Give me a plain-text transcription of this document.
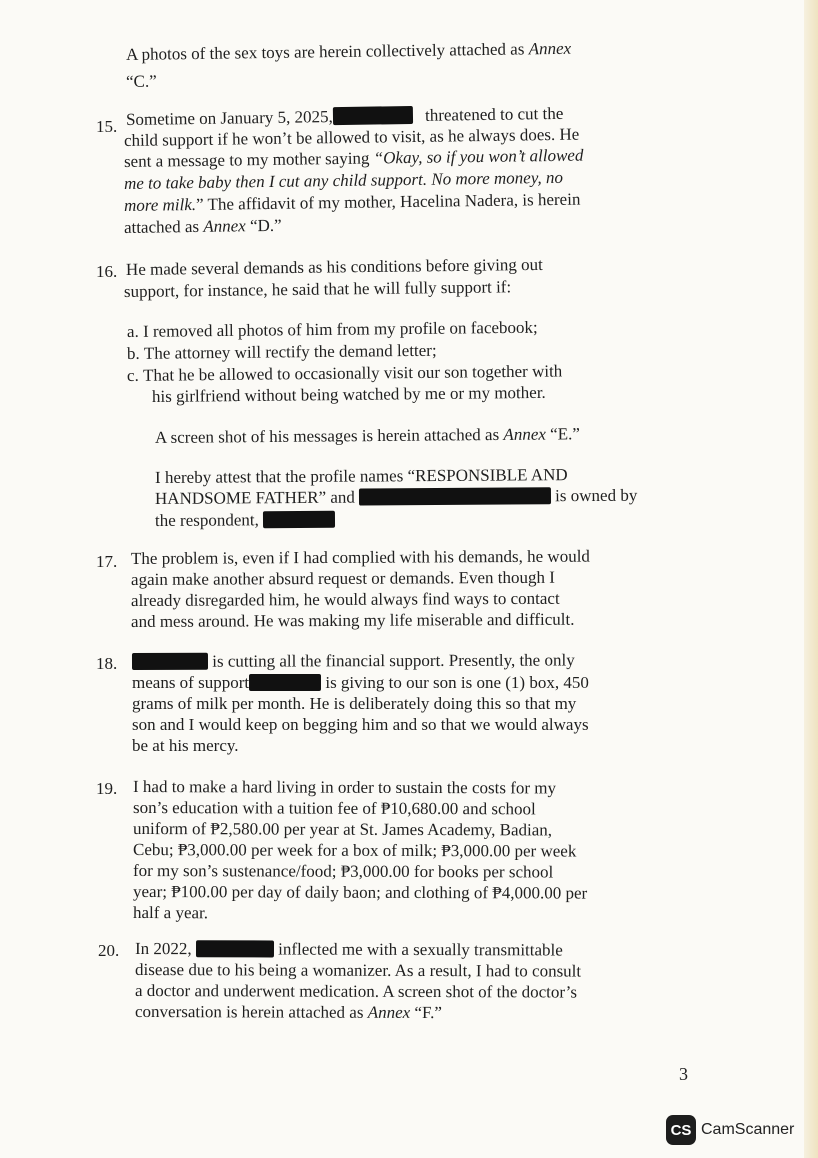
A photos of the sex toys are herein collectively attached as Annex
“C.”
15. Sometime on January 5, 2025,	threatened to cut the
child support if he won’t be allowed to visit, as he always does. He
sent a message to my mother saying “Okay, so if you won’t allowed
me to take baby then I cut any child support. No more money, no
more milk.” The affidavit of my mother, Hacelina Nadera, is herein
attached as Annex “D.”
16. He made several demands as his conditions before giving out
support, for instance, he said that he will fully support if:
a. I removed all photos of him from my profile on facebook;
b. The attorney will rectify the demand letter;
c. That he be allowed to occasionally visit our son together with
his girlfriend without being watched by me or my mother.
A screen shot of his messages is herein attached as Annex “E.”
I hereby attest that the profile names “RESPONSIBLE AND
HANDSOME FATHER” and	is owned by
the respondent,
17. The problem is, even if I had complied with his demands, he would
again make another absurd request or demands. Even though I
already disregarded him, he would always find ways to contact
and mess around. He was making my life miserable and difficult.
18.	is cutting all the financial support. Presently, the only
means of support	is giving to our son is one (1) box, 450
grams of milk per month. He is deliberately doing this so that my
son and I would keep on begging him and so that we would always
be at his mercy.
19. I had to make a hard living in order to sustain the costs for my
son’s education with a tuition fee of ₱10,680.00 and school
uniform of ₱2,580.00 per year at St. James Academy, Badian,
Cebu; ₱3,000.00 per week for a box of milk; ₱3,000.00 per week
for my son’s sustenance/food; ₱3,000.00 for books per school
year; ₱100.00 per day of daily baon; and clothing of ₱4,000.00 per
half a year.
20. In 2022,	inflected me with a sexually transmittable
disease due to his being a womanizer. As a result, I had to consult
a doctor and underwent medication. A screen shot of the doctor’s
conversation is herein attached as Annex “F.”
3
CS CamScanner
